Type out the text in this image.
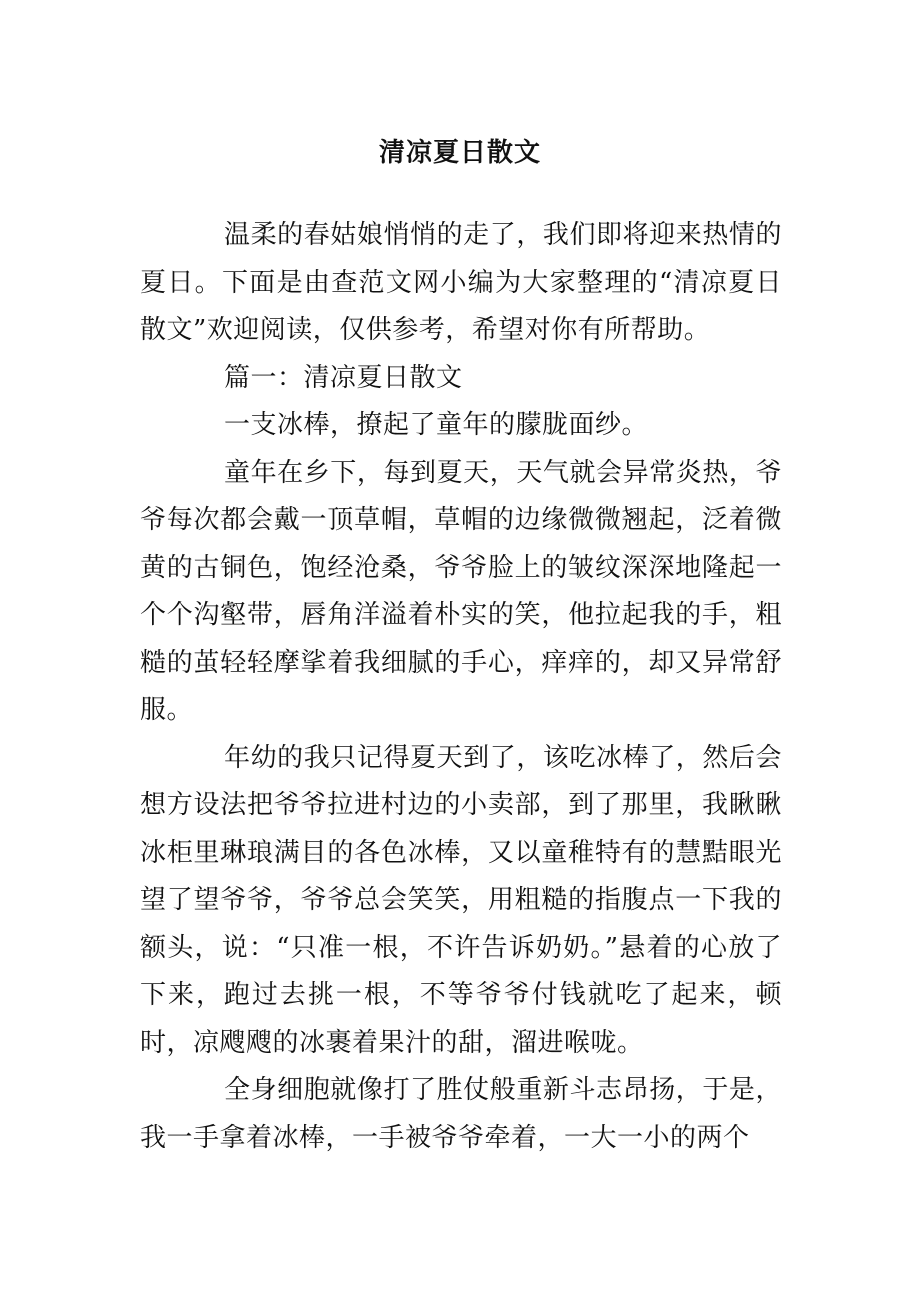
清凉夏日散文

温柔的春姑娘悄悄的走了，我们即将迎来热情的夏日。下面是由查范文网小编为大家整理的“清凉夏日散文”欢迎阅读，仅供参考，希望对你有所帮助。

篇一：清凉夏日散文

一支冰棒，撩起了童年的朦胧面纱。

童年在乡下，每到夏天，天气就会异常炎热，爷爷每次都会戴一顶草帽，草帽的边缘微微翘起，泛着微黄的古铜色，饱经沧桑，爷爷脸上的皱纹深深地隆起一个个沟壑带，唇角洋溢着朴实的笑，他拉起我的手，粗糙的茧轻轻摩挲着我细腻的手心，痒痒的，却又异常舒服。

年幼的我只记得夏天到了，该吃冰棒了，然后会想方设法把爷爷拉进村边的小卖部，到了那里，我瞅瞅冰柜里琳琅满目的各色冰棒，又以童稚特有的慧黠眼光望了望爷爷，爷爷总会笑笑，用粗糙的指腹点一下我的额头，说：“只准一根，不许告诉奶奶。”悬着的心放了下来，跑过去挑一根，不等爷爷付钱就吃了起来，顿时，凉飕飕的冰裹着果汁的甜，溜进喉咙。

全身细胞就像打了胜仗般重新斗志昂扬，于是，我一手拿着冰棒，一手被爷爷牵着，一大一小的两个
